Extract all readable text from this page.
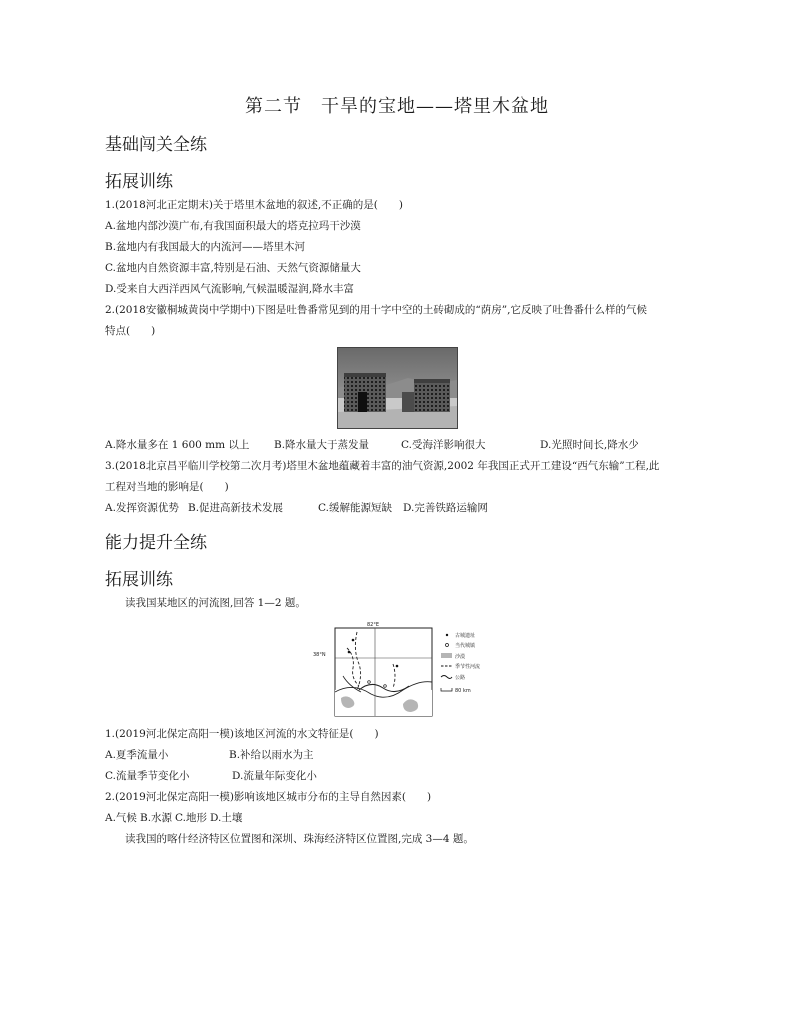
第二节　干旱的宝地——塔里木盆地
基础闯关全练
拓展训练
1.(2018河北正定期末)关于塔里木盆地的叙述,不正确的是(　　)
A.盆地内部沙漠广布,有我国面积最大的塔克拉玛干沙漠
B.盆地内有我国最大的内流河——塔里木河
C.盆地内自然资源丰富,特别是石油、天然气资源储量大
D.受来自大西洋西风气流影响,气候温暖湿润,降水丰富
2.(2018安徽桐城黄岗中学期中)下图是吐鲁番常见到的用十字中空的土砖砌成的“荫房”,它反映了吐鲁番什么样的气候
特点(　　)
A.降水量多在 1 600 mm 以上 B.降水量大于蒸发量	C.受海洋影响很大	D.光照时间长,降水少
3.(2018北京昌平临川学校第二次月考)塔里木盆地蕴藏着丰富的油气资源,2002 年我国正式开工建设“西气东输”工程,此
工程对当地的影响是(　　)
A.发挥资源优势 B.促进高新技术发展	C.缓解能源短缺 D.完善铁路运输网
能力提升全练
拓展训练
读我国某地区的河流图,回答 1—2 题。
82°E
38°N
古城遗址
当代城镇
沙漠
季节性河流
公路
80 km
1.(2019河北保定高阳一模)该地区河流的水文特征是(　　)
A.夏季流量小	B.补给以雨水为主
C.流量季节变化小	D.流量年际变化小
2.(2019河北保定高阳一模)影响该地区城市分布的主导自然因素(　　)
A.气候 B.水源 C.地形 D.土壤
读我国的喀什经济特区位置图和深圳、珠海经济特区位置图,完成 3—4 题。
